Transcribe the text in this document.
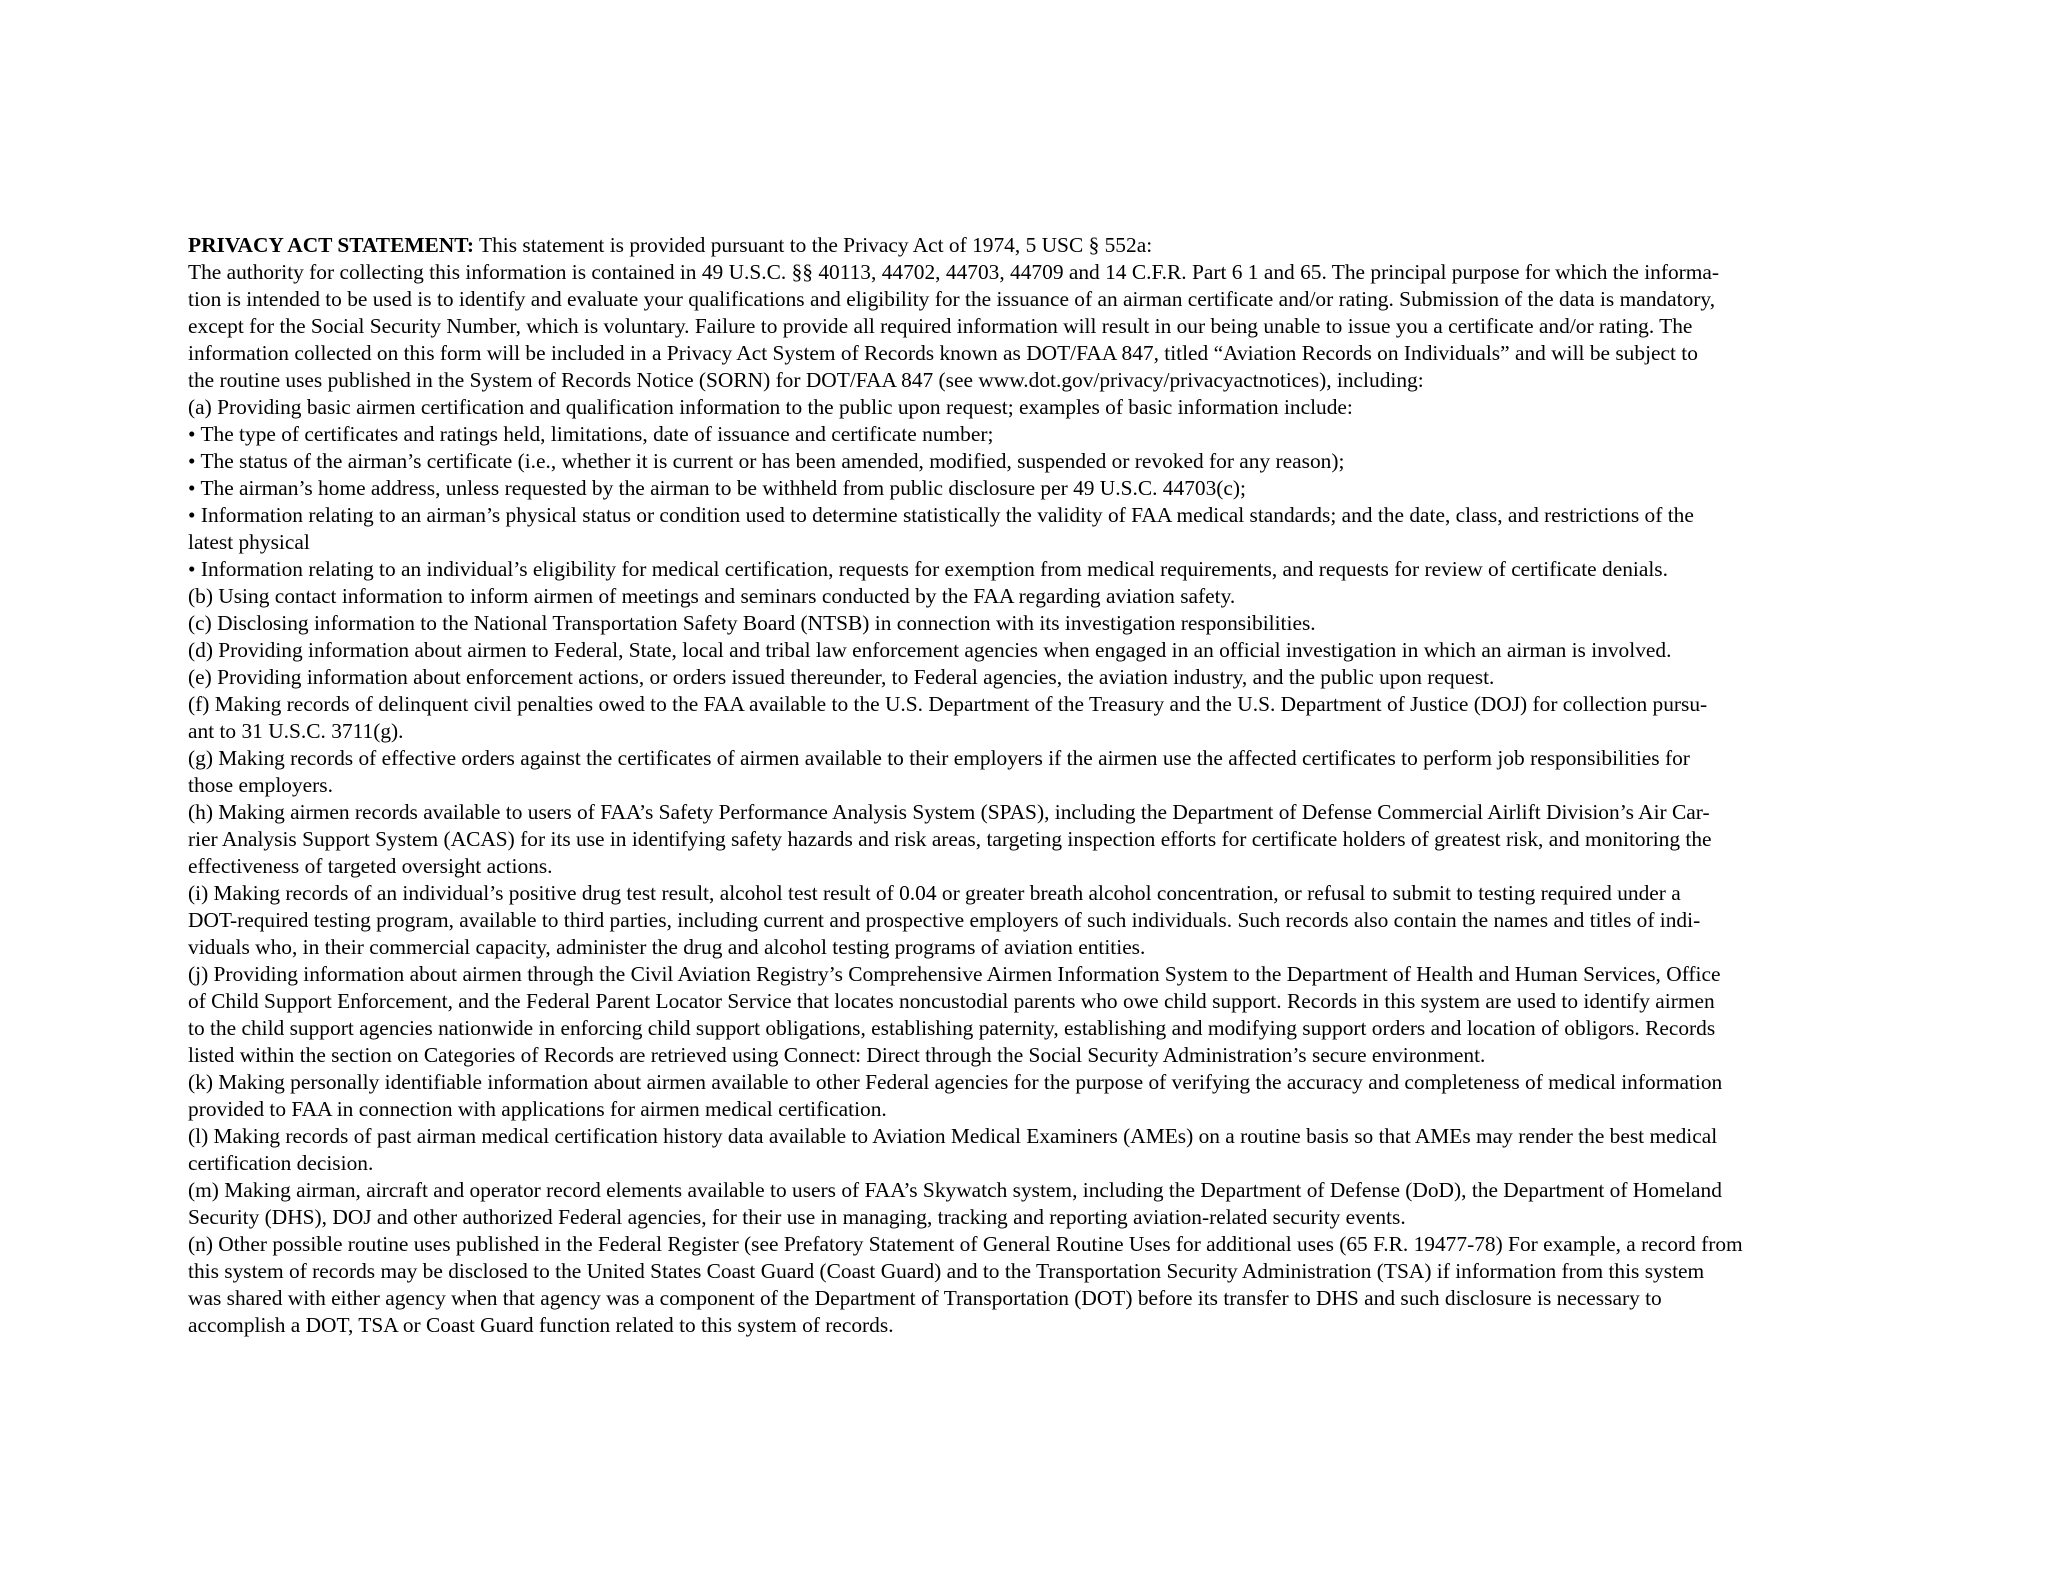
PRIVACY ACT STATEMENT: This statement is provided pursuant to the Privacy Act of 1974, 5 USC § 552a:
The authority for collecting this information is contained in 49 U.S.C. §§ 40113, 44702, 44703, 44709 and 14 C.F.R. Part 6 1 and 65. The principal purpose for which the informa-
tion is intended to be used is to identify and evaluate your qualifications and eligibility for the issuance of an airman certificate and/or rating. Submission of the data is mandatory,
except for the Social Security Number, which is voluntary. Failure to provide all required information will result in our being unable to issue you a certificate and/or rating. The
information collected on this form will be included in a Privacy Act System of Records known as DOT/FAA 847, titled “Aviation Records on Individuals” and will be subject to
the routine uses published in the System of Records Notice (SORN) for DOT/FAA 847 (see www.dot.gov/privacy/privacyactnotices), including:
(a) Providing basic airmen certification and qualification information to the public upon request; examples of basic information include:
• The type of certificates and ratings held, limitations, date of issuance and certificate number;
• The status of the airman’s certificate (i.e., whether it is current or has been amended, modified, suspended or revoked for any reason);
• The airman’s home address, unless requested by the airman to be withheld from public disclosure per 49 U.S.C. 44703(c);
• Information relating to an airman’s physical status or condition used to determine statistically the validity of FAA medical standards; and the date, class, and restrictions of the
latest physical
• Information relating to an individual’s eligibility for medical certification, requests for exemption from medical requirements, and requests for review of certificate denials.
(b) Using contact information to inform airmen of meetings and seminars conducted by the FAA regarding aviation safety.
(c) Disclosing information to the National Transportation Safety Board (NTSB) in connection with its investigation responsibilities.
(d) Providing information about airmen to Federal, State, local and tribal law enforcement agencies when engaged in an official investigation in which an airman is involved.
(e) Providing information about enforcement actions, or orders issued thereunder, to Federal agencies, the aviation industry, and the public upon request.
(f) Making records of delinquent civil penalties owed to the FAA available to the U.S. Department of the Treasury and the U.S. Department of Justice (DOJ) for collection pursu-
ant to 31 U.S.C. 3711(g).
(g) Making records of effective orders against the certificates of airmen available to their employers if the airmen use the affected certificates to perform job responsibilities for
those employers.
(h) Making airmen records available to users of FAA’s Safety Performance Analysis System (SPAS), including the Department of Defense Commercial Airlift Division’s Air Car-
rier Analysis Support System (ACAS) for its use in identifying safety hazards and risk areas, targeting inspection efforts for certificate holders of greatest risk, and monitoring the
effectiveness of targeted oversight actions.
(i) Making records of an individual’s positive drug test result, alcohol test result of 0.04 or greater breath alcohol concentration, or refusal to submit to testing required under a
DOT-required testing program, available to third parties, including current and prospective employers of such individuals. Such records also contain the names and titles of indi-
viduals who, in their commercial capacity, administer the drug and alcohol testing programs of aviation entities.
(j) Providing information about airmen through the Civil Aviation Registry’s Comprehensive Airmen Information System to the Department of Health and Human Services, Office
of Child Support Enforcement, and the Federal Parent Locator Service that locates noncustodial parents who owe child support. Records in this system are used to identify airmen
to the child support agencies nationwide in enforcing child support obligations, establishing paternity, establishing and modifying support orders and location of obligors. Records
listed within the section on Categories of Records are retrieved using Connect: Direct through the Social Security Administration’s secure environment.
(k) Making personally identifiable information about airmen available to other Federal agencies for the purpose of verifying the accuracy and completeness of medical information
provided to FAA in connection with applications for airmen medical certification.
(l) Making records of past airman medical certification history data available to Aviation Medical Examiners (AMEs) on a routine basis so that AMEs may render the best medical
certification decision.
(m) Making airman, aircraft and operator record elements available to users of FAA’s Skywatch system, including the Department of Defense (DoD), the Department of Homeland
Security (DHS), DOJ and other authorized Federal agencies, for their use in managing, tracking and reporting aviation-related security events.
(n) Other possible routine uses published in the Federal Register (see Prefatory Statement of General Routine Uses for additional uses (65 F.R. 19477-78) For example, a record from
this system of records may be disclosed to the United States Coast Guard (Coast Guard) and to the Transportation Security Administration (TSA) if information from this system
was shared with either agency when that agency was a component of the Department of Transportation (DOT) before its transfer to DHS and such disclosure is necessary to
accomplish a DOT, TSA or Coast Guard function related to this system of records.
